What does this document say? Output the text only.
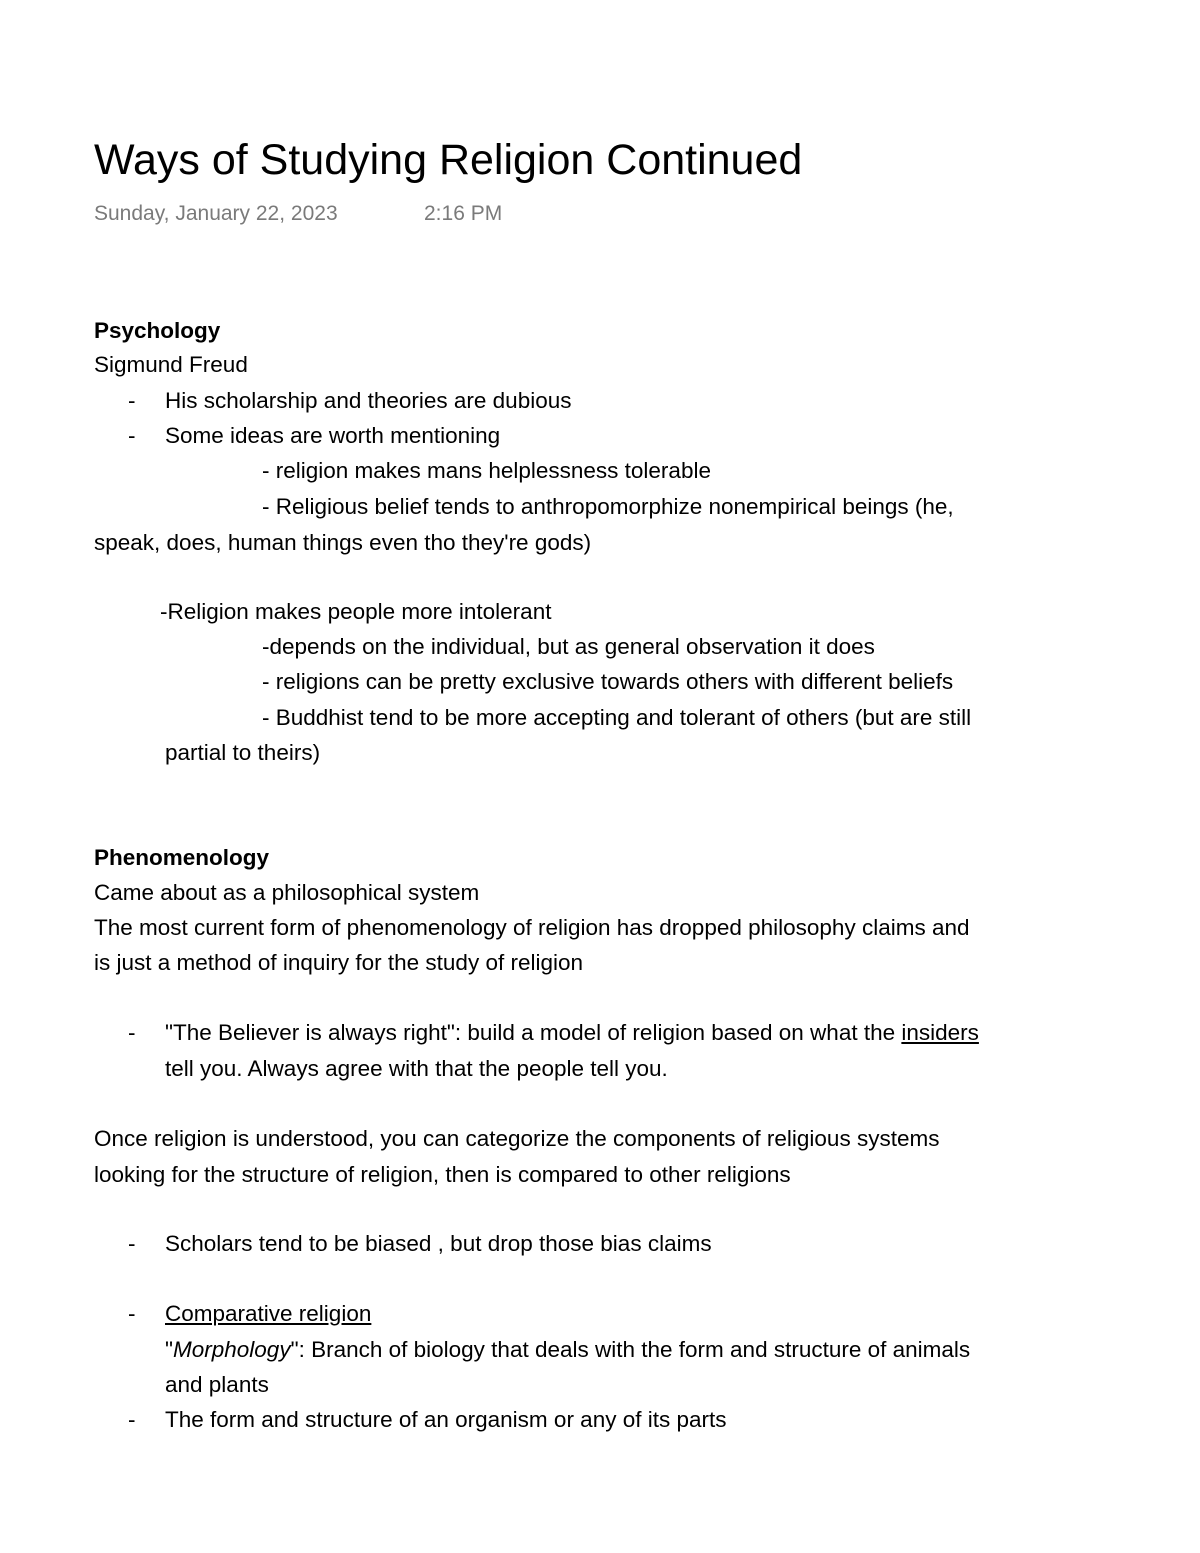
Ways of Studying Religion Continued
Sunday, January 22, 2023	2:16 PM
Psychology
Sigmund Freud
- His scholarship and theories are dubious
- Some ideas are worth mentioning
- religion makes mans helplessness tolerable
- Religious belief tends to anthropomorphize nonempirical beings (he,
speak, does, human things even tho they're gods)
-Religion makes people more intolerant
-depends on the individual, but as general observation it does
- religions can be pretty exclusive towards others with different beliefs
- Buddhist tend to be more accepting and tolerant of others (but are still
partial to theirs)
Phenomenology
Came about as a philosophical system
The most current form of phenomenology of religion has dropped philosophy claims and
is just a method of inquiry for the study of religion
- "The Believer is always right": build a model of religion based on what the insiders
tell you. Always agree with that the people tell you.
Once religion is understood, you can categorize the components of religious systems
looking for the structure of religion, then is compared to other religions
- Scholars tend to be biased , but drop those bias claims
- Comparative religion
"Morphology": Branch of biology that deals with the form and structure of animals
and plants
- The form and structure of an organism or any of its parts
